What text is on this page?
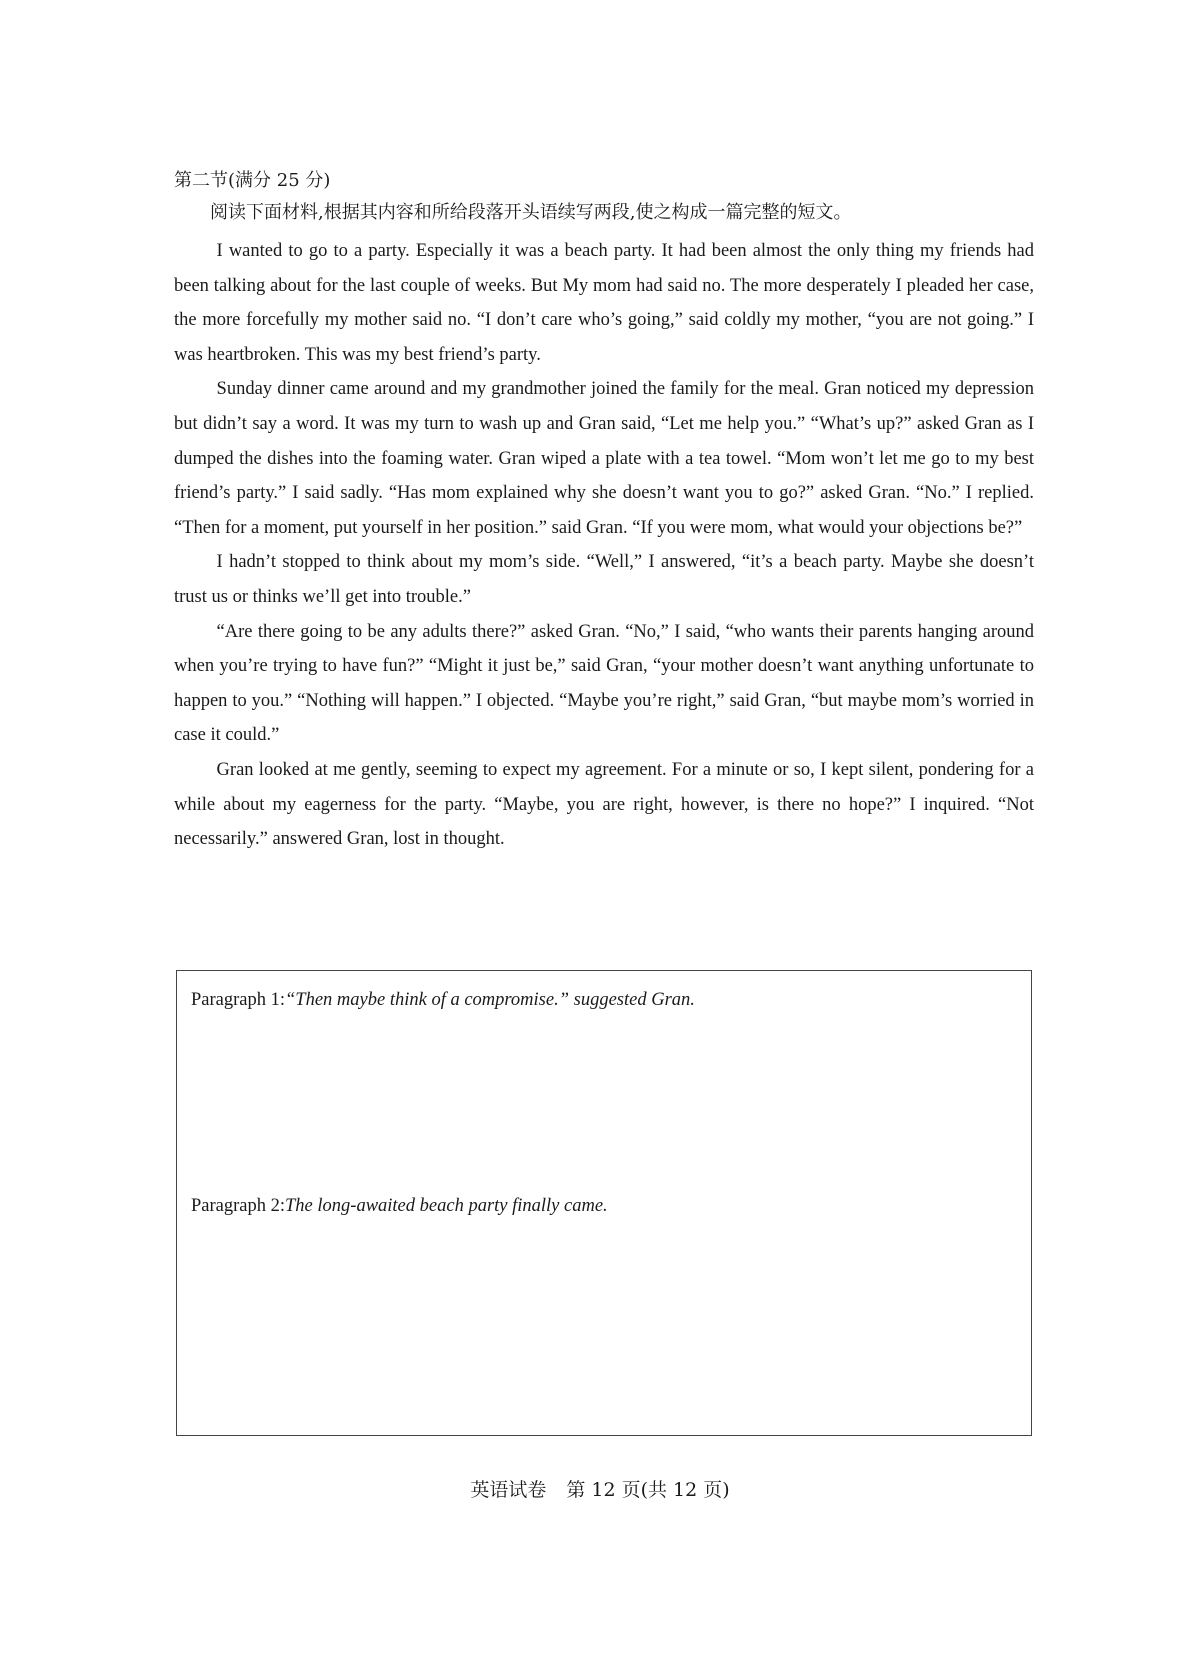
第二节(满分 25 分)
阅读下面材料,根据其内容和所给段落开头语续写两段,使之构成一篇完整的短文。

I wanted to go to a party. Especially it was a beach party. It had been almost the only thing my friends had been talking about for the last couple of weeks. But My mom had said no. The more desperately I pleaded her case, the more forcefully my mother said no. “I don’t care who’s going,” said coldly my mother, “you are not going.” I was heartbroken. This was my best friend’s party.

Sunday dinner came around and my grandmother joined the family for the meal. Gran noticed my depression but didn’t say a word. It was my turn to wash up and Gran said, “Let me help you.” “What’s up?” asked Gran as I dumped the dishes into the foaming water. Gran wiped a plate with a tea towel. “Mom won’t let me go to my best friend’s party.” I said sadly. “Has mom explained why she doesn’t want you to go?” asked Gran. “No.” I replied. “Then for a moment, put yourself in her position.” said Gran. “If you were mom, what would your objections be?”

I hadn’t stopped to think about my mom’s side. “Well,” I answered, “it’s a beach party. Maybe she doesn’t trust us or thinks we’ll get into trouble.”

“Are there going to be any adults there?” asked Gran. “No,” I said, “who wants their parents hanging around when you’re trying to have fun?” “Might it just be,” said Gran, “your mother doesn’t want anything unfortunate to happen to you.” “Nothing will happen.” I objected. “Maybe you’re right,” said Gran, “but maybe mom’s worried in case it could.”

Gran looked at me gently, seeming to expect my agreement. For a minute or so, I kept silent, pondering for a while about my eagerness for the party. “Maybe, you are right, however, is there no hope?” I inquired. “Not necessarily.” answered Gran, lost in thought.

Paragraph 1:“Then maybe think of a compromise.” suggested Gran.
Paragraph 2:The long-awaited beach party finally came.
英语试卷 第 12 页(共 12 页)
